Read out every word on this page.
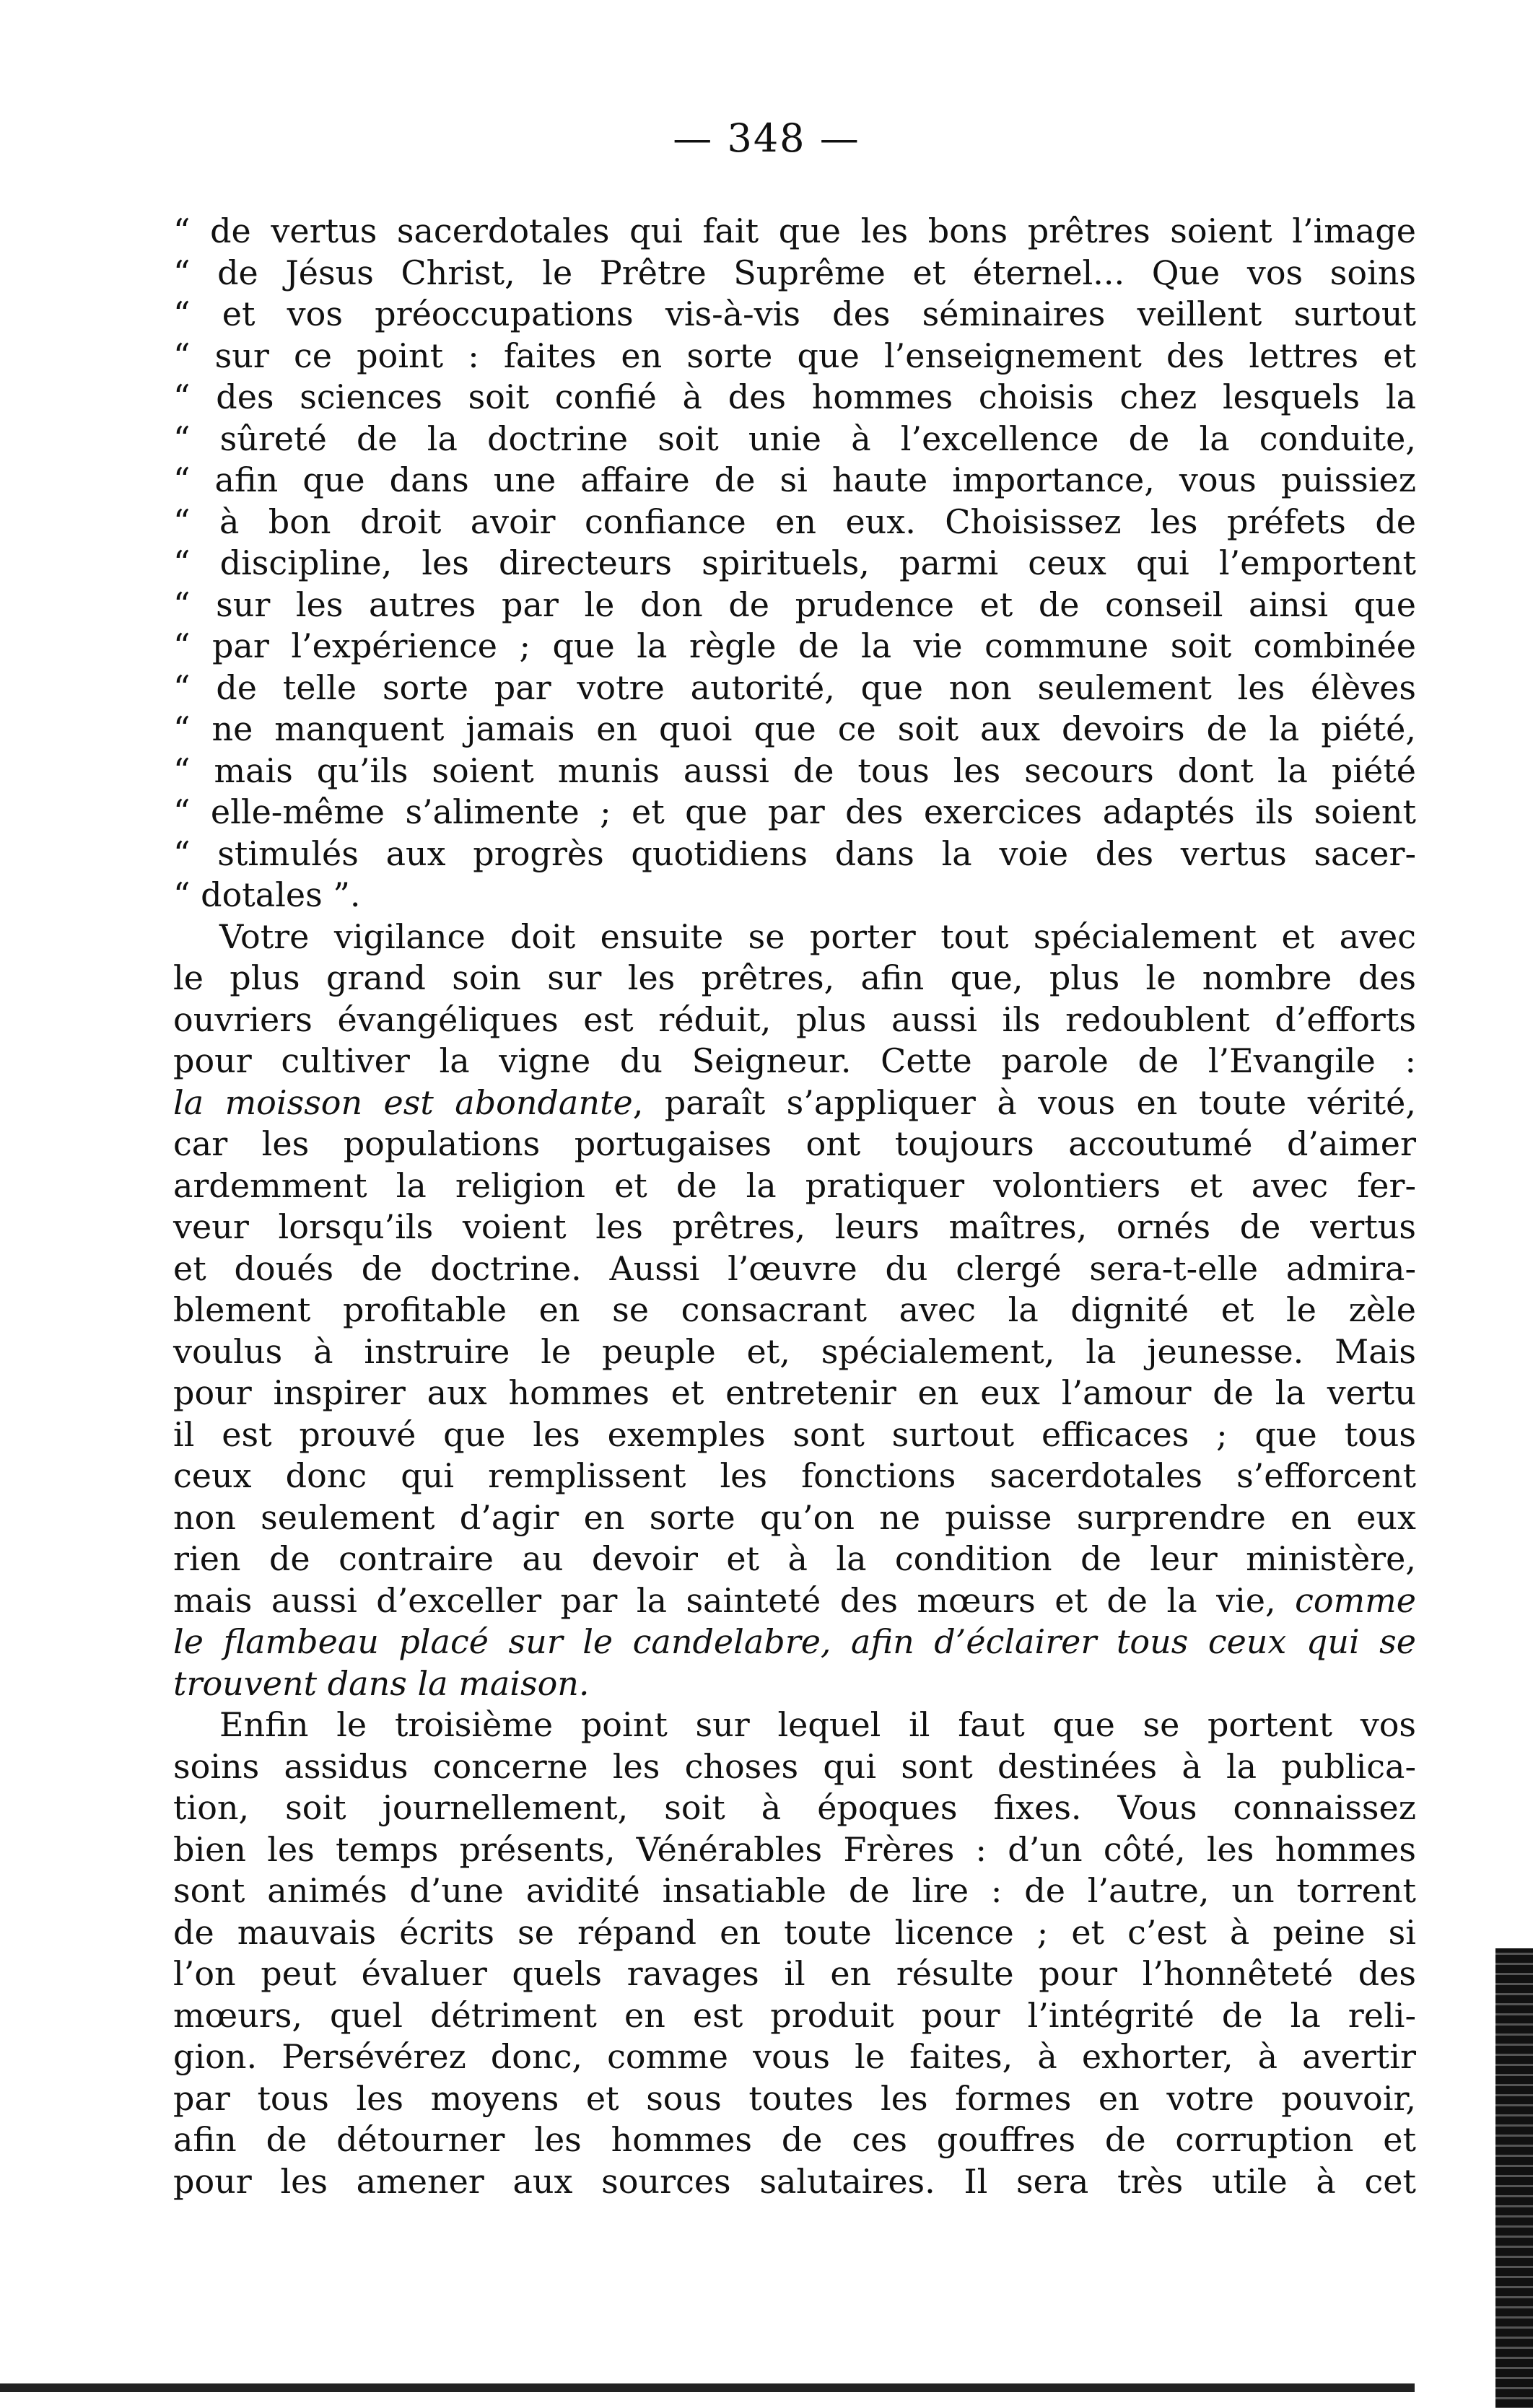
— 348 —
“ de vertus sacerdotales qui fait que les bons prêtres soient l’image
“ de Jésus Christ, le Prêtre Suprême et éternel... Que vos soins
“ et vos préoccupations vis-à-vis des séminaires veillent surtout
“ sur ce point : faites en sorte que l’enseignement des lettres et
“ des sciences soit confié à des hommes choisis chez lesquels la
“ sûreté de la doctrine soit unie à l’excellence de la conduite,
“ afin que dans une affaire de si haute importance, vous puissiez
“ à bon droit avoir confiance en eux. Choisissez les préfets de
“ discipline, les directeurs spirituels, parmi ceux qui l’emportent
“ sur les autres par le don de prudence et de conseil ainsi que
“ par l’expérience ; que la règle de la vie commune soit combinée
“ de telle sorte par votre autorité, que non seulement les élèves
“ ne manquent jamais en quoi que ce soit aux devoirs de la piété,
“ mais qu’ils soient munis aussi de tous les secours dont la piété
“ elle-même s’alimente ; et que par des exercices adaptés ils soient
“ stimulés aux progrès quotidiens dans la voie des vertus sacer-
“ dotales ”.
Votre vigilance doit ensuite se porter tout spécialement et avec
le plus grand soin sur les prêtres, afin que, plus le nombre des
ouvriers évangéliques est réduit, plus aussi ils redoublent d’efforts
pour cultiver la vigne du Seigneur. Cette parole de l’Evangile :
la moisson est abondante, paraît s’appliquer à vous en toute vérité,
car les populations portugaises ont toujours accoutumé d’aimer
ardemment la religion et de la pratiquer volontiers et avec fer-
veur lorsqu’ils voient les prêtres, leurs maîtres, ornés de vertus
et doués de doctrine. Aussi l’œuvre du clergé sera-t-elle admira-
blement profitable en se consacrant avec la dignité et le zèle
voulus à instruire le peuple et, spécialement, la jeunesse. Mais
pour inspirer aux hommes et entretenir en eux l’amour de la vertu
il est prouvé que les exemples sont surtout efficaces ; que tous
ceux donc qui remplissent les fonctions sacerdotales s’efforcent
non seulement d’agir en sorte qu’on ne puisse surprendre en eux
rien de contraire au devoir et à la condition de leur ministère,
mais aussi d’exceller par la sainteté des mœurs et de la vie, comme
le flambeau placé sur le candelabre, afin d’éclairer tous ceux qui se
trouvent dans la maison.
Enfin le troisième point sur lequel il faut que se portent vos
soins assidus concerne les choses qui sont destinées à la publica-
tion, soit journellement, soit à époques fixes. Vous connaissez
bien les temps présents, Vénérables Frères : d’un côté, les hommes
sont animés d’une avidité insatiable de lire : de l’autre, un torrent
de mauvais écrits se répand en toute licence ; et c’est à peine si
l’on peut évaluer quels ravages il en résulte pour l’honnêteté des
mœurs, quel détriment en est produit pour l’intégrité de la reli-
gion. Persévérez donc, comme vous le faites, à exhorter, à avertir
par tous les moyens et sous toutes les formes en votre pouvoir,
afin de détourner les hommes de ces gouffres de corruption et
pour les amener aux sources salutaires. Il sera très utile à cet
